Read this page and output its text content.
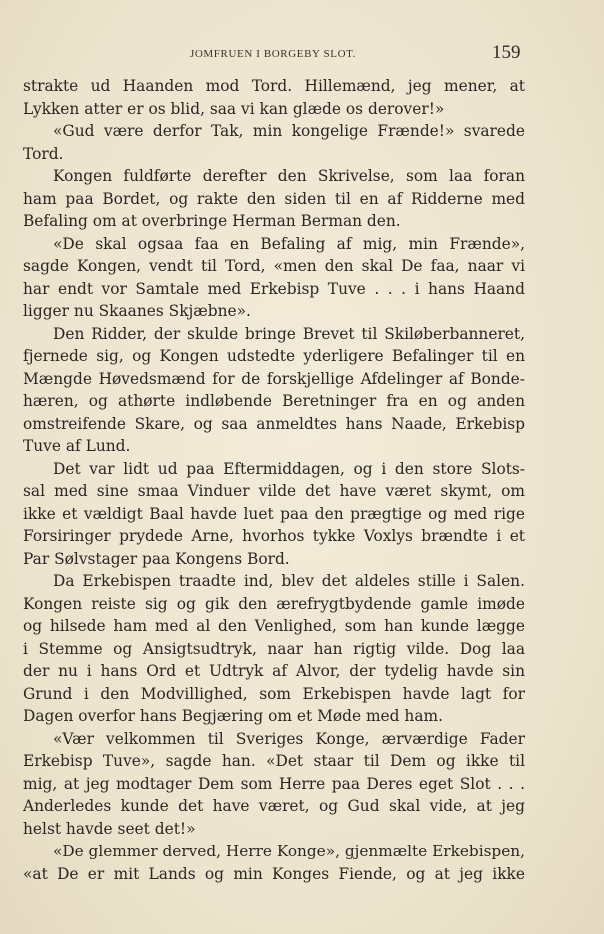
JOMFRUEN I BORGEBY SLOT.	159
strakte ud Haanden mod Tord. Hillemænd, jeg mener, at
Lykken atter er os blid, saa vi kan glæde os derover!»
«Gud være derfor Tak, min kongelige Frænde!» svarede
Tord.
Kongen fuldførte derefter den Skrivelse, som laa foran
ham paa Bordet, og rakte den siden til en af Ridderne med
Befaling om at overbringe Herman Berman den.
«De skal ogsaa faa en Befaling af mig, min Frænde»,
sagde Kongen, vendt til Tord, «men den skal De faa, naar vi
har endt vor Samtale med Erkebisp Tuve . . . i hans Haand
ligger nu Skaanes Skjæbne».
Den Ridder, der skulde bringe Brevet til Skiløberbanneret,
fjernede sig, og Kongen udstedte yderligere Befalinger til en
Mængde Høvedsmænd for de forskjellige Afdelinger af Bonde-
hæren, og athørte indløbende Beretninger fra en og anden
omstreifende Skare, og saa anmeldtes hans Naade, Erkebisp
Tuve af Lund.
Det var lidt ud paa Eftermiddagen, og i den store Slots-
sal med sine smaa Vinduer vilde det have været skymt, om
ikke et vældigt Baal havde luet paa den prægtige og med rige
Forsiringer prydede Arne, hvorhos tykke Voxlys brændte i et
Par Sølvstager paa Kongens Bord.
Da Erkebispen traadte ind, blev det aldeles stille i Salen.
Kongen reiste sig og gik den ærefrygtbydende gamle imøde
og hilsede ham med al den Venlighed, som han kunde lægge
i Stemme og Ansigtsudtryk, naar han rigtig vilde. Dog laa
der nu i hans Ord et Udtryk af Alvor, der tydelig havde sin
Grund i den Modvillighed, som Erkebispen havde lagt for
Dagen overfor hans Begjæring om et Møde med ham.
«Vær velkommen til Sveriges Konge, ærværdige Fader
Erkebisp Tuve», sagde han. «Det staar til Dem og ikke til
mig, at jeg modtager Dem som Herre paa Deres eget Slot . . .
Anderledes kunde det have været, og Gud skal vide, at jeg
helst havde seet det!»
«De glemmer derved, Herre Konge», gjenmælte Erkebispen,
«at De er mit Lands og min Konges Fiende, og at jeg ikke
